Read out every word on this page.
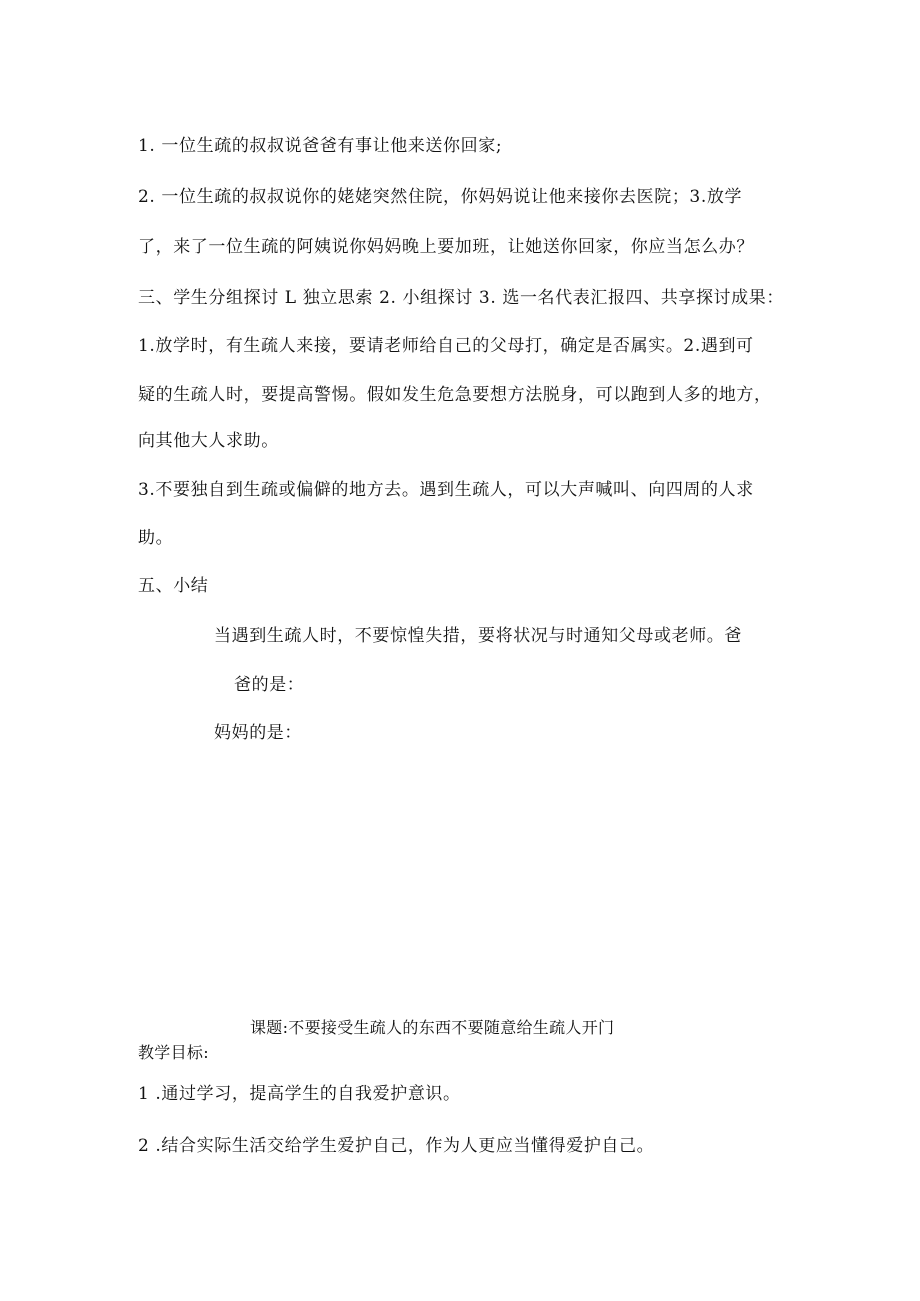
1. 一位生疏的叔叔说爸爸有事让他来送你回家;
2. 一位生疏的叔叔说你的姥姥突然住院，你妈妈说让他来接你去医院；3.放学
了，来了一位生疏的阿姨说你妈妈晚上要加班，让她送你回家，你应当怎么办？
三、学生分组探讨 L 独立思索 2. 小组探讨 3. 选一名代表汇报四、共享探讨成果：
1.放学时，有生疏人来接，要请老师给自己的父母打，确定是否属实。2.遇到可
疑的生疏人时，要提高警惕。假如发生危急要想方法脱身，可以跑到人多的地方，
向其他大人求助。
3.不要独自到生疏或偏僻的地方去。遇到生疏人，可以大声喊叫、向四周的人求
助。
五、小结
当遇到生疏人时，不要惊惶失措，要将状况与时通知父母或老师。爸
爸的是：
妈妈的是：
课题:不要接受生疏人的东西不要随意给生疏人开门
教学目标:
1 .通过学习，提高学生的自我爱护意识。
2 .结合实际生活交给学生爱护自己，作为人更应当懂得爱护自己。
